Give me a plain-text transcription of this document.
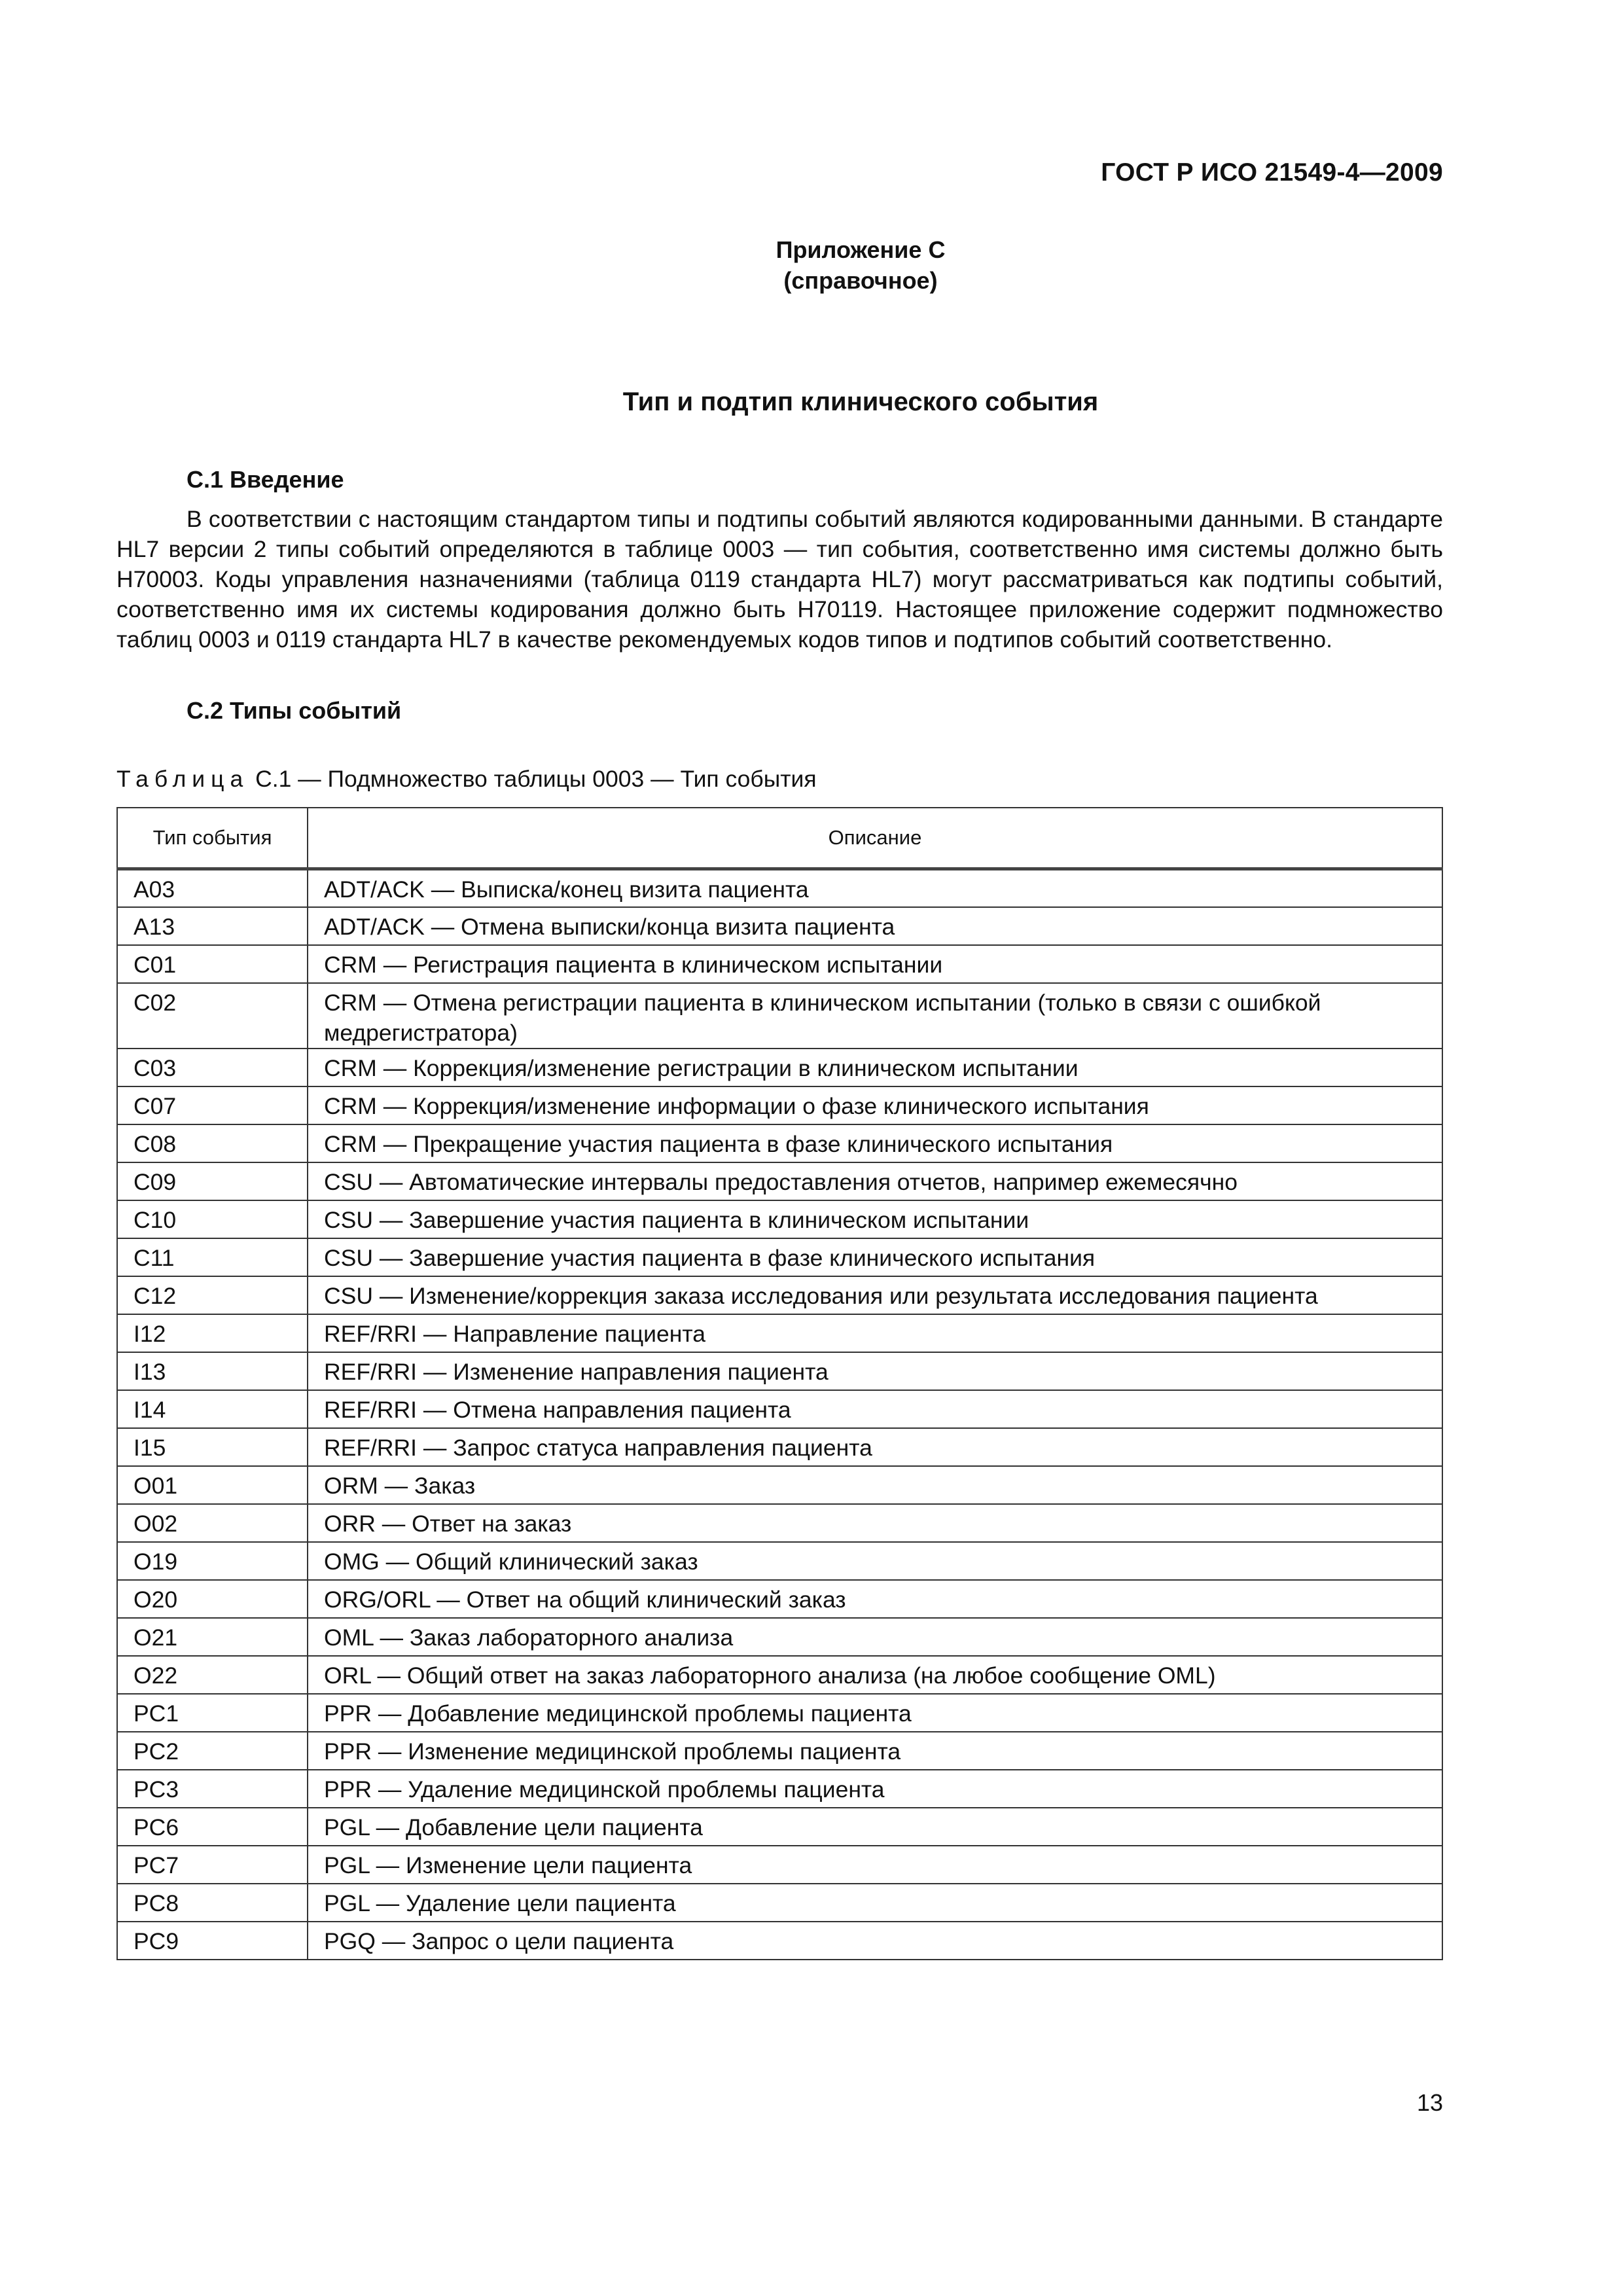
ГОСТ Р ИСО 21549-4—2009
Приложение С
(справочное)
Тип и подтип клинического события
С.1 Введение

В соответствии с настоящим стандартом типы и подтипы событий являются кодированными данными. В стандарте HL7 версии 2 типы событий определяются в таблице 0003 — тип события, соответственно имя системы должно быть H70003. Коды управления назначениями (таблица 0119 стандарта HL7) могут рассматриваться как подтипы событий, соответственно имя их системы кодирования должно быть H70119. Настоящее приложение содержит подмножество таблиц 0003 и 0119 стандарта HL7 в качестве рекомендуемых кодов типов и подтипов событий соответственно.

С.2 Типы событий
Таблица С.1 — Подмножество таблицы 0003 — Тип события
Тип события	Описание
А03	ADT/ACK — Выписка/конец визита пациента
А13	ADT/ACK — Отмена выписки/конца визита пациента
С01	CRM — Регистрация пациента в клиническом испытании
С02	CRM — Отмена регистрации пациента в клиническом испытании (только в связи с ошибкой медрегистратора)
С03	CRM — Коррекция/изменение регистрации в клиническом испытании
С07	CRM — Коррекция/изменение информации о фазе клинического испытания
С08	CRM — Прекращение участия пациента в фазе клинического испытания
С09	CSU — Автоматические интервалы предоставления отчетов, например ежемесячно
С10	CSU — Завершение участия пациента в клиническом испытании
С11	CSU — Завершение участия пациента в фазе клинического испытания
С12	CSU — Изменение/коррекция заказа исследования или результата исследования пациента
I12	REF/RRI — Направление пациента
I13	REF/RRI — Изменение направления пациента
I14	REF/RRI — Отмена направления пациента
I15	REF/RRI — Запрос статуса направления пациента
О01	ORM — Заказ
О02	ORR — Ответ на заказ
О19	OMG — Общий клинический заказ
О20	ORG/ORL — Ответ на общий клинический заказ
О21	OML — Заказ лабораторного анализа
О22	ORL — Общий ответ на заказ лабораторного анализа (на любое сообщение OML)
PC1	PPR — Добавление медицинской проблемы пациента
PC2	PPR — Изменение медицинской проблемы пациента
PC3	PPR — Удаление медицинской проблемы пациента
PC6	PGL — Добавление цели пациента
PC7	PGL — Изменение цели пациента
PC8	PGL — Удаление цели пациента
PC9	PGQ — Запрос о цели пациента
13
